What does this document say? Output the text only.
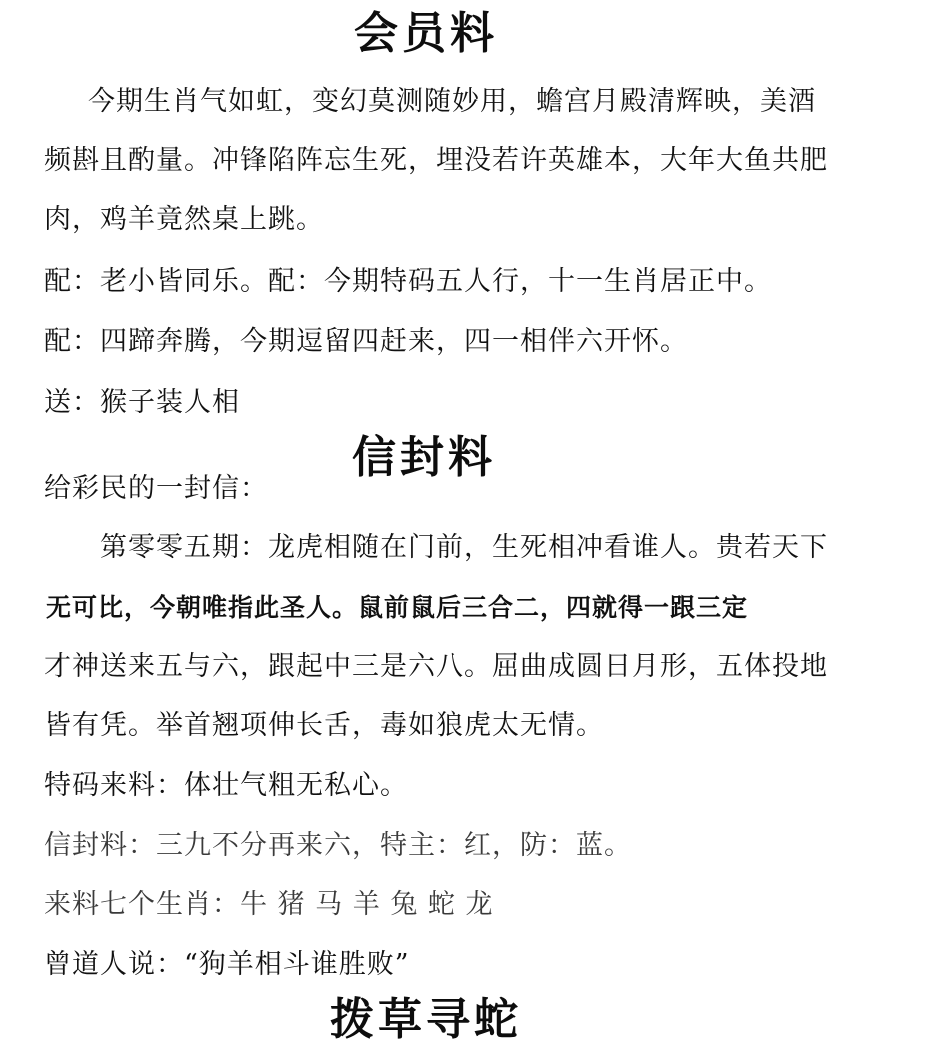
会员料
今期生肖气如虹，变幻莫测随妙用，蟾宫月殿清辉映，美酒
频斟且酌量。冲锋陷阵忘生死，埋没若许英雄本，大年大鱼共肥
肉，鸡羊竟然桌上跳。
配：老小皆同乐。配：今期特码五人行，十一生肖居正中。
配：四蹄奔腾，今期逗留四赶来，四一相伴六开怀。
送：猴子装人相
信封料
给彩民的一封信：
第零零五期：龙虎相随在门前，生死相冲看谁人。贵若天下
无可比，今朝唯指此圣人。鼠前鼠后三合二，四就得一跟三定
才神送来五与六，跟起中三是六八。屈曲成圆日月形，五体投地
皆有凭。举首翘项伸长舌，毒如狼虎太无情。
特码来料：体壮气粗无私心。
信封料：三九不分再来六，特主：红，防：蓝。
来料七个生肖：牛 猪 马 羊 兔 蛇 龙
曾道人说：“狗羊相斗谁胜败”
拨草寻蛇
